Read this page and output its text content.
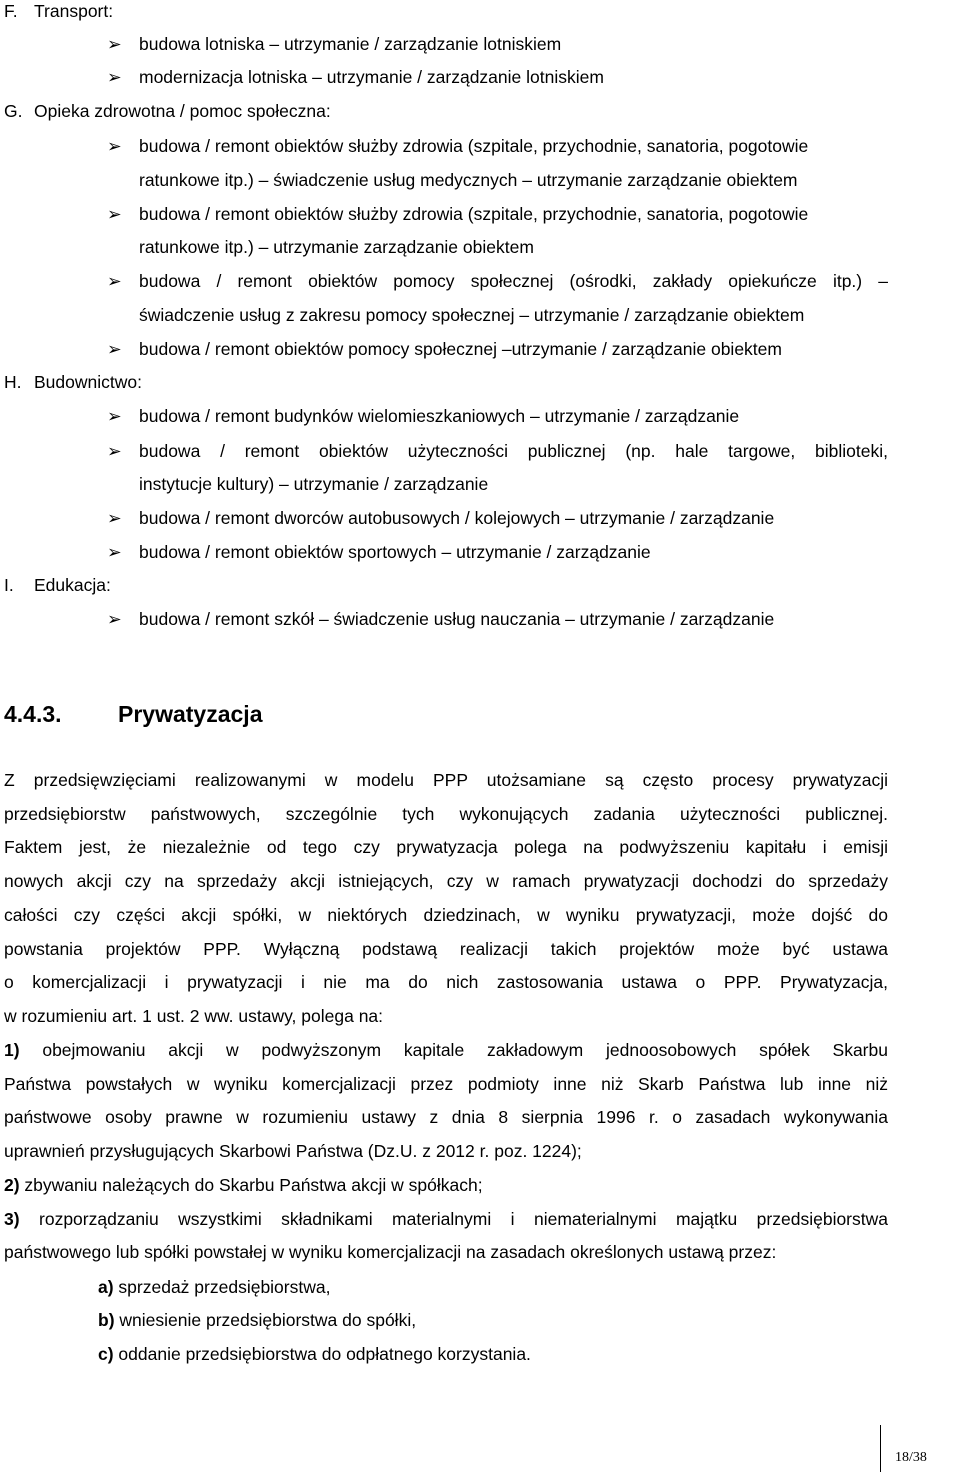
F. Transport:
➢ budowa lotniska – utrzymanie / zarządzanie lotniskiem
➢ modernizacja lotniska – utrzymanie / zarządzanie lotniskiem
G. Opieka zdrowotna / pomoc społeczna:
➢ budowa / remont obiektów służby zdrowia (szpitale, przychodnie, sanatoria, pogotowie
ratunkowe itp.) – świadczenie usług medycznych – utrzymanie zarządzanie obiektem
➢ budowa / remont obiektów służby zdrowia (szpitale, przychodnie, sanatoria, pogotowie
ratunkowe itp.) – utrzymanie zarządzanie obiektem
➢ budowa / remont obiektów pomocy społecznej (ośrodki, zakłady opiekuńcze itp.) –
świadczenie usług z zakresu pomocy społecznej – utrzymanie / zarządzanie obiektem
➢ budowa / remont obiektów pomocy społecznej –utrzymanie / zarządzanie obiektem
H. Budownictwo:
➢ budowa / remont budynków wielomieszkaniowych – utrzymanie / zarządzanie
➢ budowa / remont obiektów użyteczności publicznej (np. hale targowe, biblioteki,
instytucje kultury) – utrzymanie / zarządzanie
➢ budowa / remont dworców autobusowych / kolejowych – utrzymanie / zarządzanie
➢ budowa / remont obiektów sportowych – utrzymanie / zarządzanie
I. Edukacja:
➢ budowa / remont szkół – świadczenie usług nauczania – utrzymanie / zarządzanie
4.4.3. Prywatyzacja
Z przedsięwzięciami realizowanymi w modelu PPP utożsamiane są często procesy prywatyzacji
przedsiębiorstw państwowych, szczególnie tych wykonujących zadania użyteczności publicznej.
Faktem jest, że niezależnie od tego czy prywatyzacja polega na podwyższeniu kapitału i emisji
nowych akcji czy na sprzedaży akcji istniejących, czy w ramach prywatyzacji dochodzi do sprzedaży
całości czy części akcji spółki, w niektórych dziedzinach, w wyniku prywatyzacji, może dojść do
powstania projektów PPP. Wyłączną podstawą realizacji takich projektów może być ustawa
o komercjalizacji i prywatyzacji i nie ma do nich zastosowania ustawa o PPP. Prywatyzacja,
w rozumieniu art. 1 ust. 2 ww. ustawy, polega na:
1) obejmowaniu akcji w podwyższonym kapitale zakładowym jednoosobowych spółek Skarbu
Państwa powstałych w wyniku komercjalizacji przez podmioty inne niż Skarb Państwa lub inne niż
państwowe osoby prawne w rozumieniu ustawy z dnia 8 sierpnia 1996 r. o zasadach wykonywania
uprawnień przysługujących Skarbowi Państwa (Dz.U. z 2012 r. poz. 1224);
2) zbywaniu należących do Skarbu Państwa akcji w spółkach;
3) rozporządzaniu wszystkimi składnikami materialnymi i niematerialnymi majątku przedsiębiorstwa
państwowego lub spółki powstałej w wyniku komercjalizacji na zasadach określonych ustawą przez:
a) sprzedaż przedsiębiorstwa,
b) wniesienie przedsiębiorstwa do spółki,
c) oddanie przedsiębiorstwa do odpłatnego korzystania.
18/38
